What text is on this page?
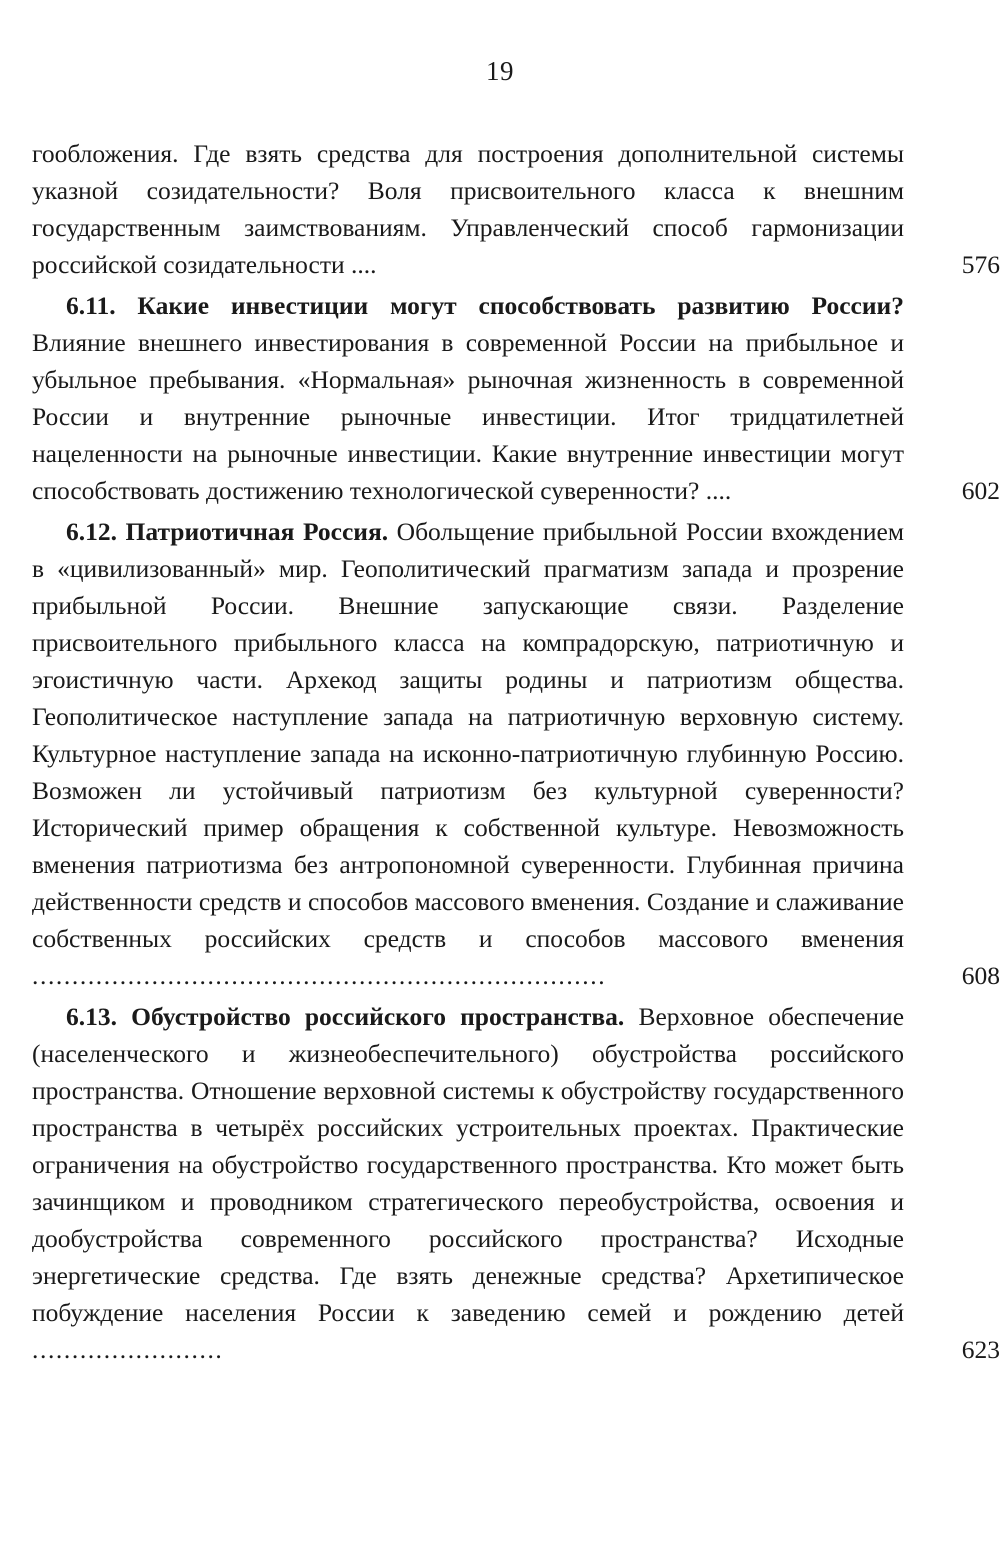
19
гообложения. Где взять средства для построения дополнительной системы указной созидательности? Воля присвоительного класса к внешним государственным заимствованиям. Управленческий способ гармонизации российской созидательности ....	576
6.11. Какие инвестиции могут способствовать развитию России? Влияние внешнего инвестирования в современной России на прибыльное и убыльное пребывания. «Нормальная» рыночная жизненность в современной России и внутренние рыночные инвестиции. Итог тридцатилетней нацеленности на рыночные инвестиции. Какие внутренние инвестиции могут способствовать достижению технологической суверенности? ....	602
6.12. Патриотичная Россия. Обольщение прибыльной России вхождением в «цивилизованный» мир. Геополитический прагматизм запада и прозрение прибыльной России. Внешние запускающие связи. Разделение присвоительного прибыльного класса на компрадорскую, патриотичную и эгоистичную части. Архекод защиты родины и патриотизм общества. Геополитическое наступление запада на патриотичную верховную систему. Культурное наступление запада на исконно-патриотичную глубинную Россию. Возможен ли устойчивый патриотизм без культурной суверенности? Исторический пример обращения к собственной культуре. Невозможность вменения патриотизма без антропономной суверенности. Глубинная причина действенности средств и способов массового вменения. Создание и слаживание собственных российских средств и способов массового вменения ........................................................................	608
6.13. Обустройство российского пространства. Верховное обеспечение (населенческого и жизнеобеспечительного) обустройства российского пространства. Отношение верховной системы к обустройству государственного пространства в четырёх российских устроительных проектах. Практические ограничения на обустройство государственного пространства. Кто может быть зачинщиком и проводником стратегического переобустройства, освоения и дообустройства современного российского пространства? Исходные энергетические средства. Где взять денежные средства? Архетипическое побуждение населения России к заведению семей и рождению детей ........................	623
